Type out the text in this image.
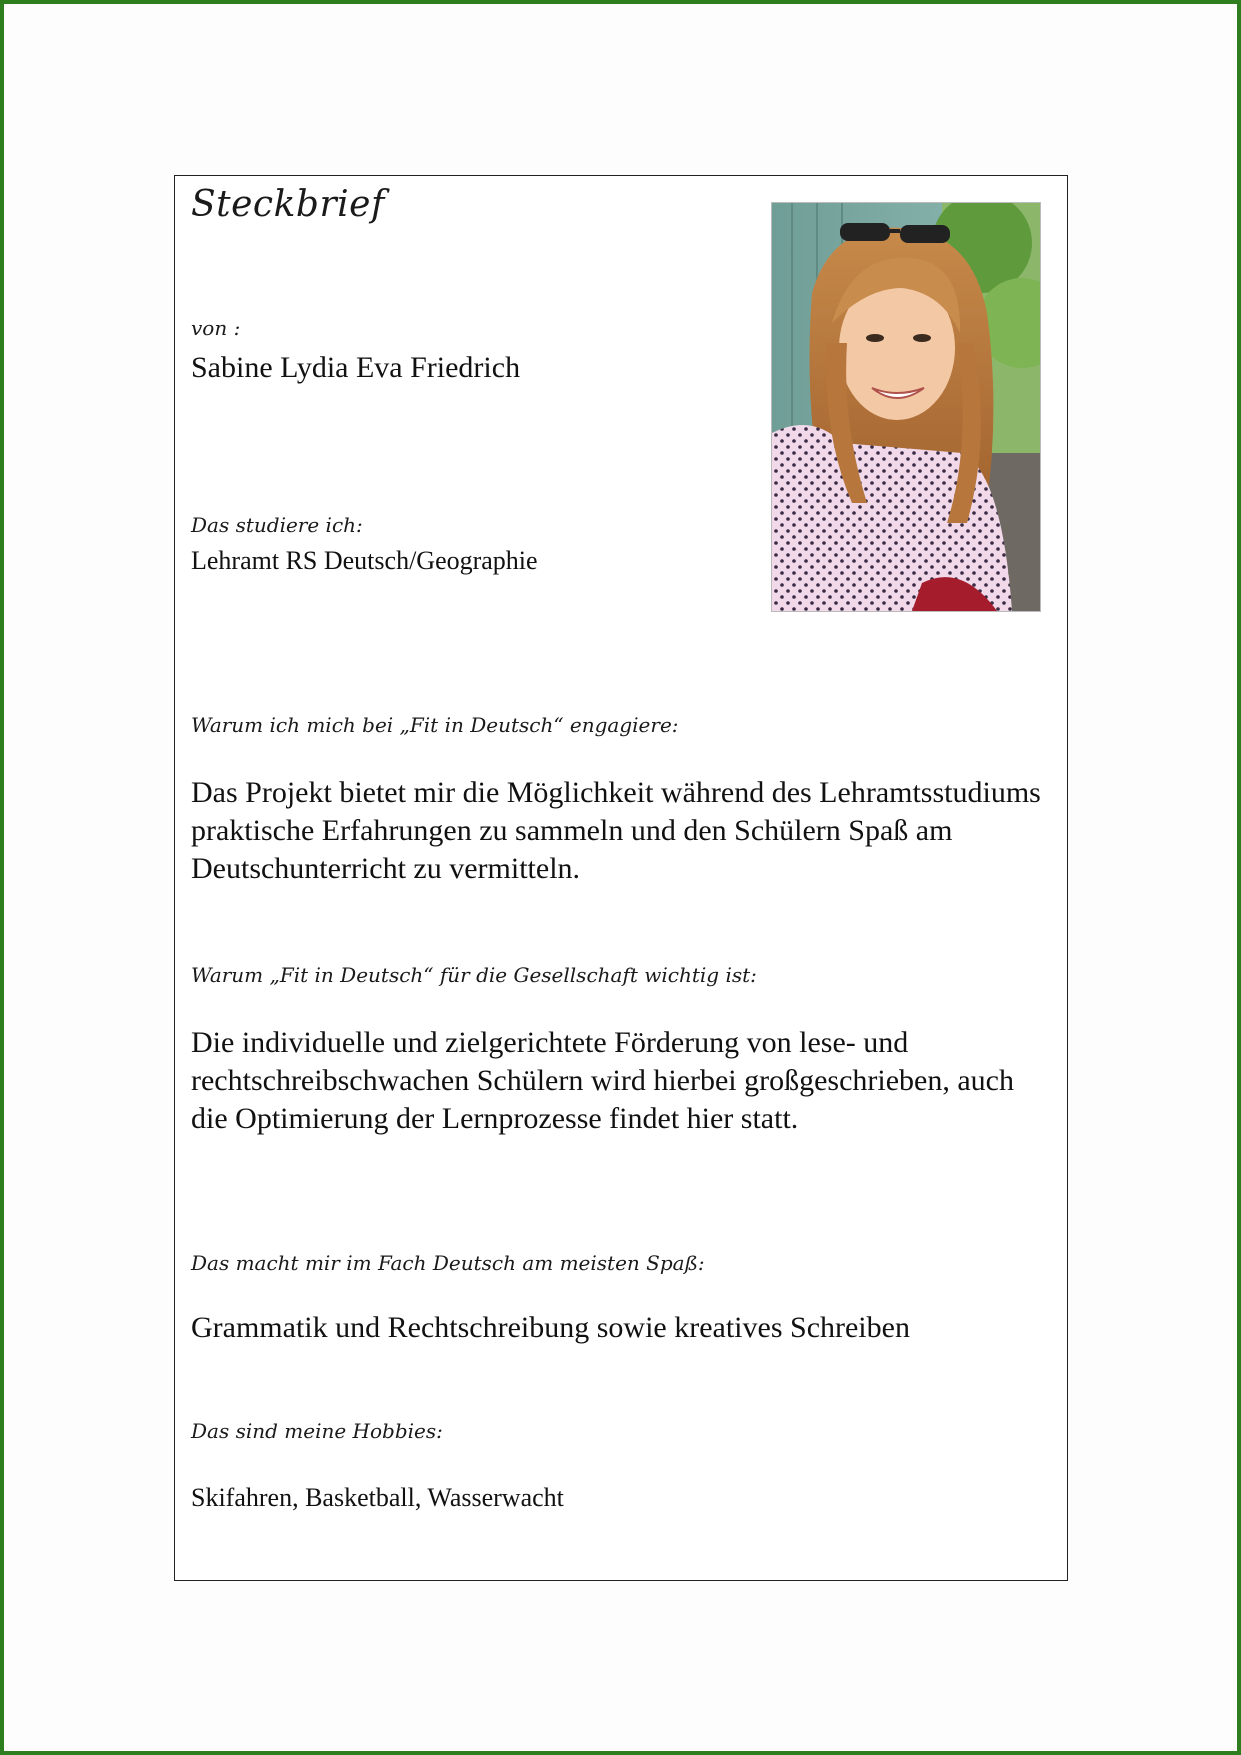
Steckbrief
von :
Sabine Lydia Eva Friedrich
Das studiere ich:
Lehramt RS Deutsch/Geographie
Warum ich mich bei „Fit in Deutsch“ engagiere:
Das Projekt bietet mir die Möglichkeit während des Lehramtsstudiums praktische Erfahrungen zu sammeln und den Schülern Spaß am Deutschunterricht zu vermitteln.
Warum „Fit in Deutsch“ für die Gesellschaft wichtig ist:
Die individuelle und zielgerichtete Förderung von lese- und rechtschreibschwachen Schülern wird hierbei großgeschrieben, auch die Optimierung der Lernprozesse findet hier statt.
Das macht mir im Fach Deutsch am meisten Spaß:
Grammatik und Rechtschreibung sowie kreatives Schreiben
Das sind meine Hobbies:
Skifahren, Basketball, Wasserwacht
